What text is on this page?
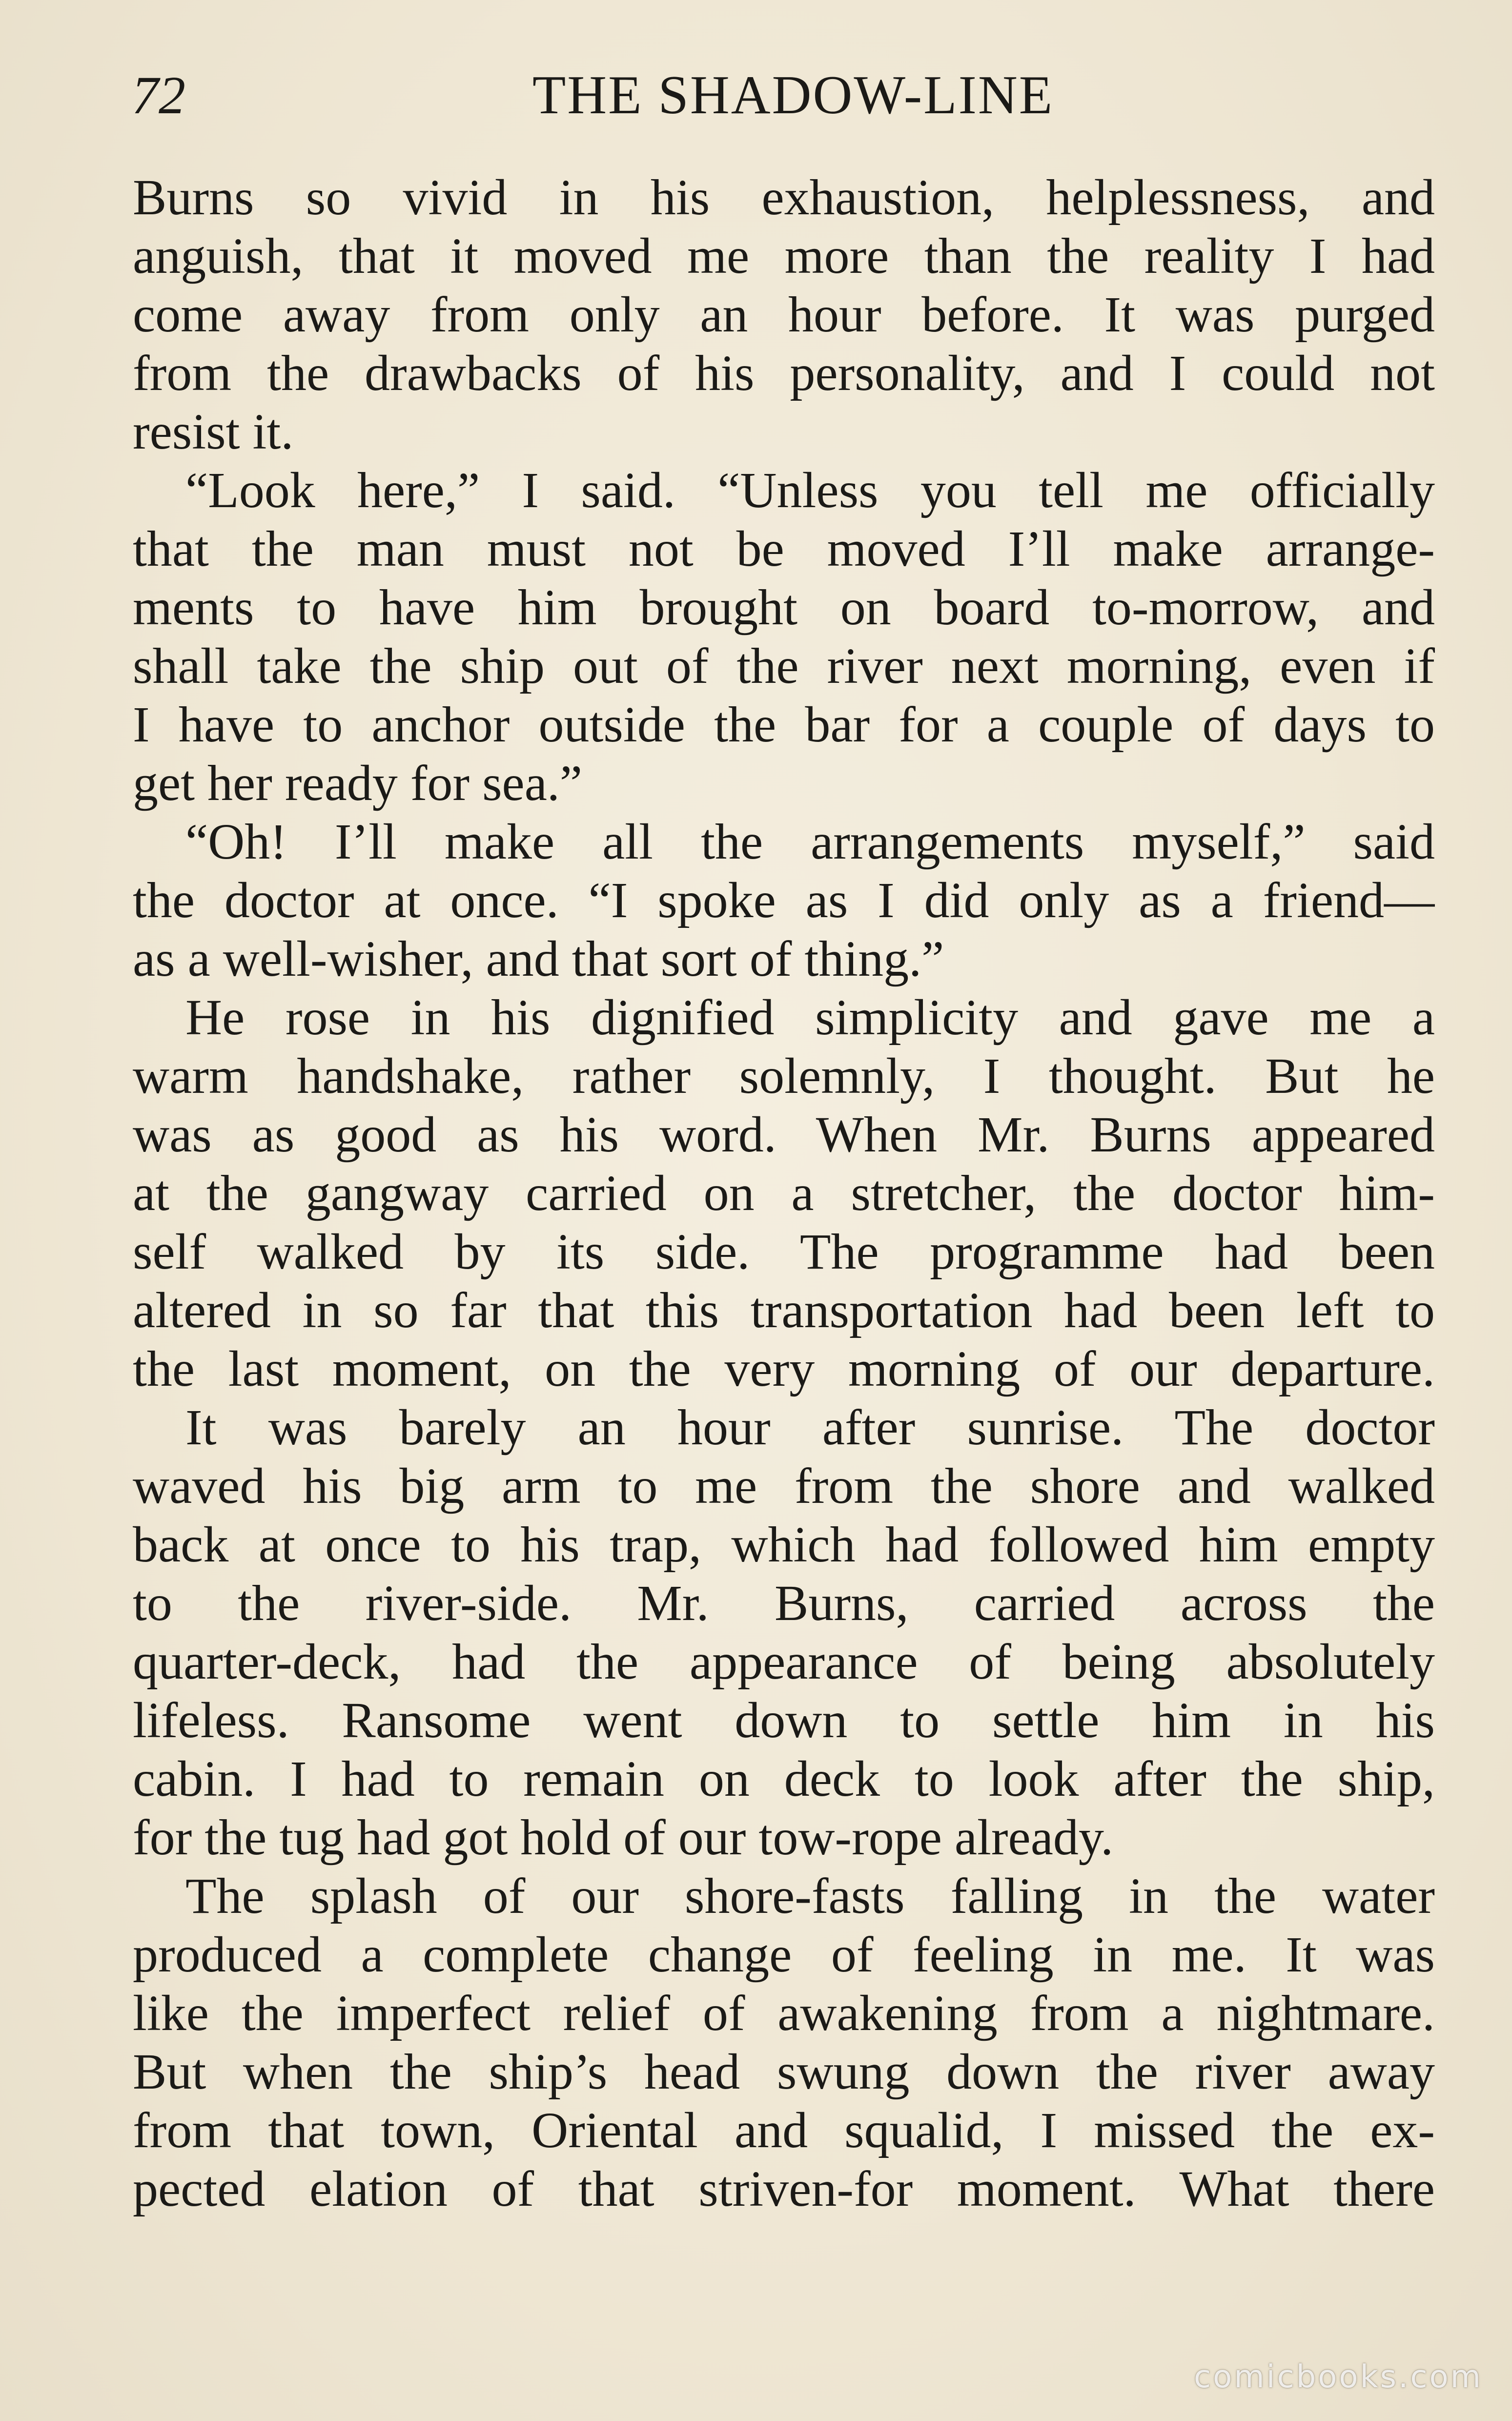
72	THE SHADOW-LINE

Burns so vivid in his exhaustion, helplessness, and
anguish, that it moved me more than the reality I had
come away from only an hour before. It was purged
from the drawbacks of his personality, and I could not
resist it.
“Look here,” I said. “Unless you tell me officially
that the man must not be moved I’ll make arrange-
ments to have him brought on board to-morrow, and
shall take the ship out of the river next morning, even if
I have to anchor outside the bar for a couple of days to
get her ready for sea.”
“Oh! I’ll make all the arrangements myself,” said
the doctor at once. “I spoke as I did only as a friend—
as a well-wisher, and that sort of thing.”
He rose in his dignified simplicity and gave me a
warm handshake, rather solemnly, I thought. But he
was as good as his word. When Mr. Burns appeared
at the gangway carried on a stretcher, the doctor him-
self walked by its side. The programme had been
altered in so far that this transportation had been left to
the last moment, on the very morning of our departure.
It was barely an hour after sunrise. The doctor
waved his big arm to me from the shore and walked
back at once to his trap, which had followed him empty
to the river-side. Mr. Burns, carried across the
quarter-deck, had the appearance of being absolutely
lifeless. Ransome went down to settle him in his
cabin. I had to remain on deck to look after the ship,
for the tug had got hold of our tow-rope already.
The splash of our shore-fasts falling in the water
produced a complete change of feeling in me. It was
like the imperfect relief of awakening from a nightmare.
But when the ship’s head swung down the river away
from that town, Oriental and squalid, I missed the ex-
pected elation of that striven-for moment. What there

comicbooks.com
